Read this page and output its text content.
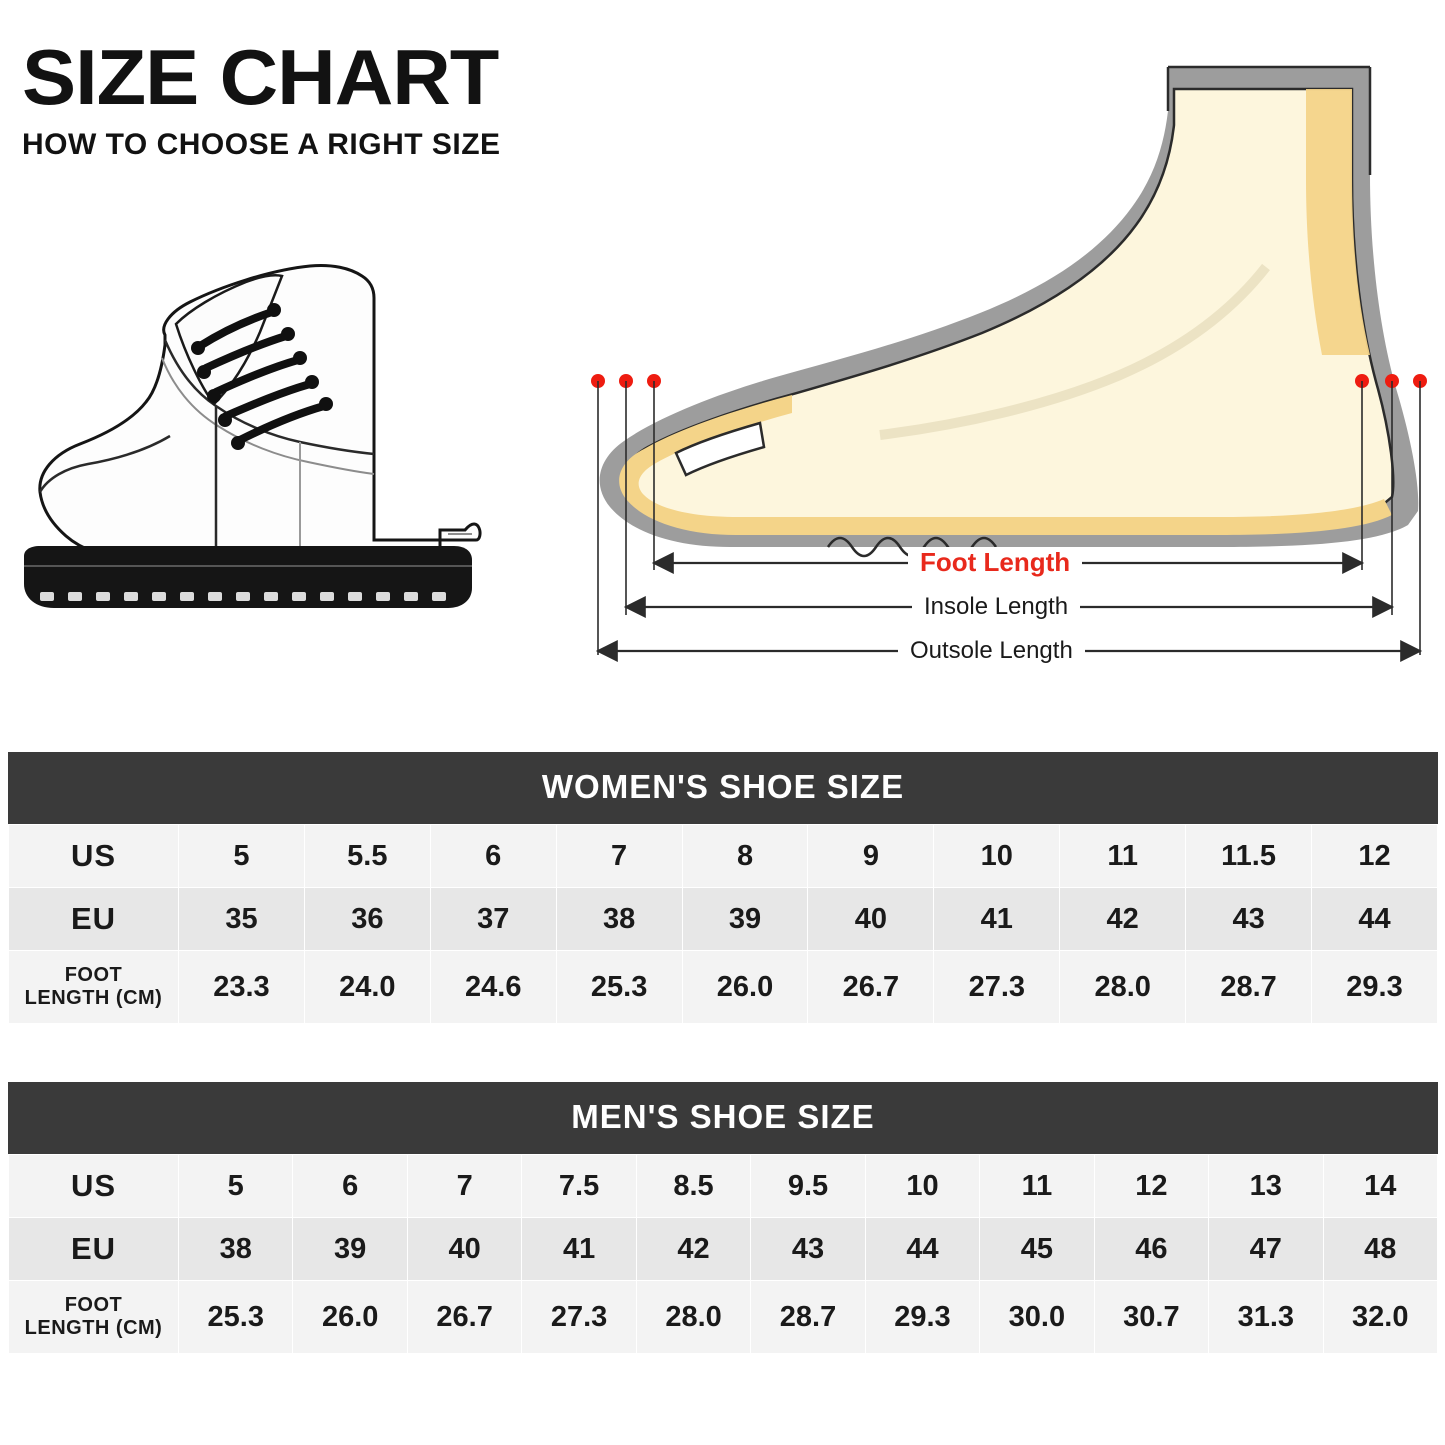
SIZE CHART
HOW TO CHOOSE A RIGHT SIZE
Foot Length
Insole Length
Outsole Length
WOMEN'S SHOE SIZE
US	5	5.5	6	7	8	9	10	11	11.5	12
EU	35	36	37	38	39	40	41	42	43	44

FOOT
LENGTH (CM)	23.3	24.0	24.6	25.3	26.0	26.7	27.3	28.0	28.7	29.3
MEN'S SHOE SIZE
US	5	6	7	7.5	8.5	9.5	10	11	12	13	14
EU	38	39	40	41	42	43	44	45	46	47	48

FOOT
LENGTH (CM)	25.3	26.0	26.7	27.3	28.0	28.7	29.3	30.0	30.7	31.3	32.0
